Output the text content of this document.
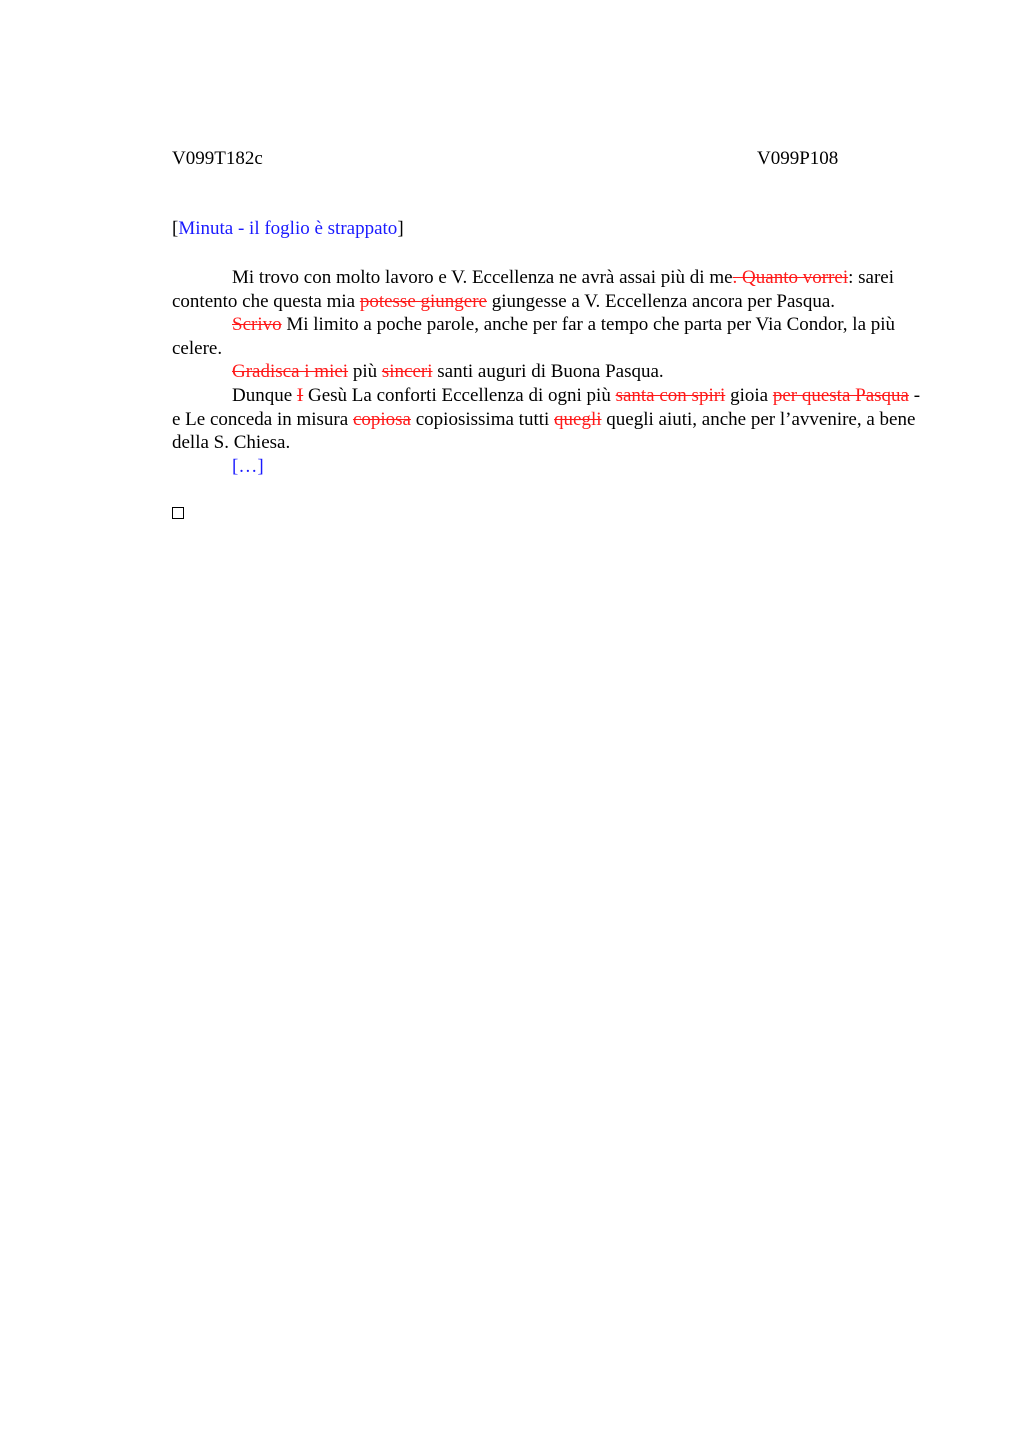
V099T182c	V099P108
[Minuta - il foglio è strappato]

Mi trovo con molto lavoro e V. Eccellenza ne avrà assai più di me. Quanto vorrei: sarei contento che questa mia potesse giungere giungesse a V. Eccellenza ancora per Pasqua.

Scrivo Mi limito a poche parole, anche per far a tempo che parta per Via Condor, la più celere.

Gradisca i miei più sinceri santi auguri di Buona Pasqua.

Dunque I Gesù La conforti Eccellenza di ogni più santa con spiri gioia per questa Pasqua - e Le conceda in misura copiosa copiosissima tutti quegli quegli aiuti, anche per l’avvenire, a bene della S. Chiesa.

[…]
